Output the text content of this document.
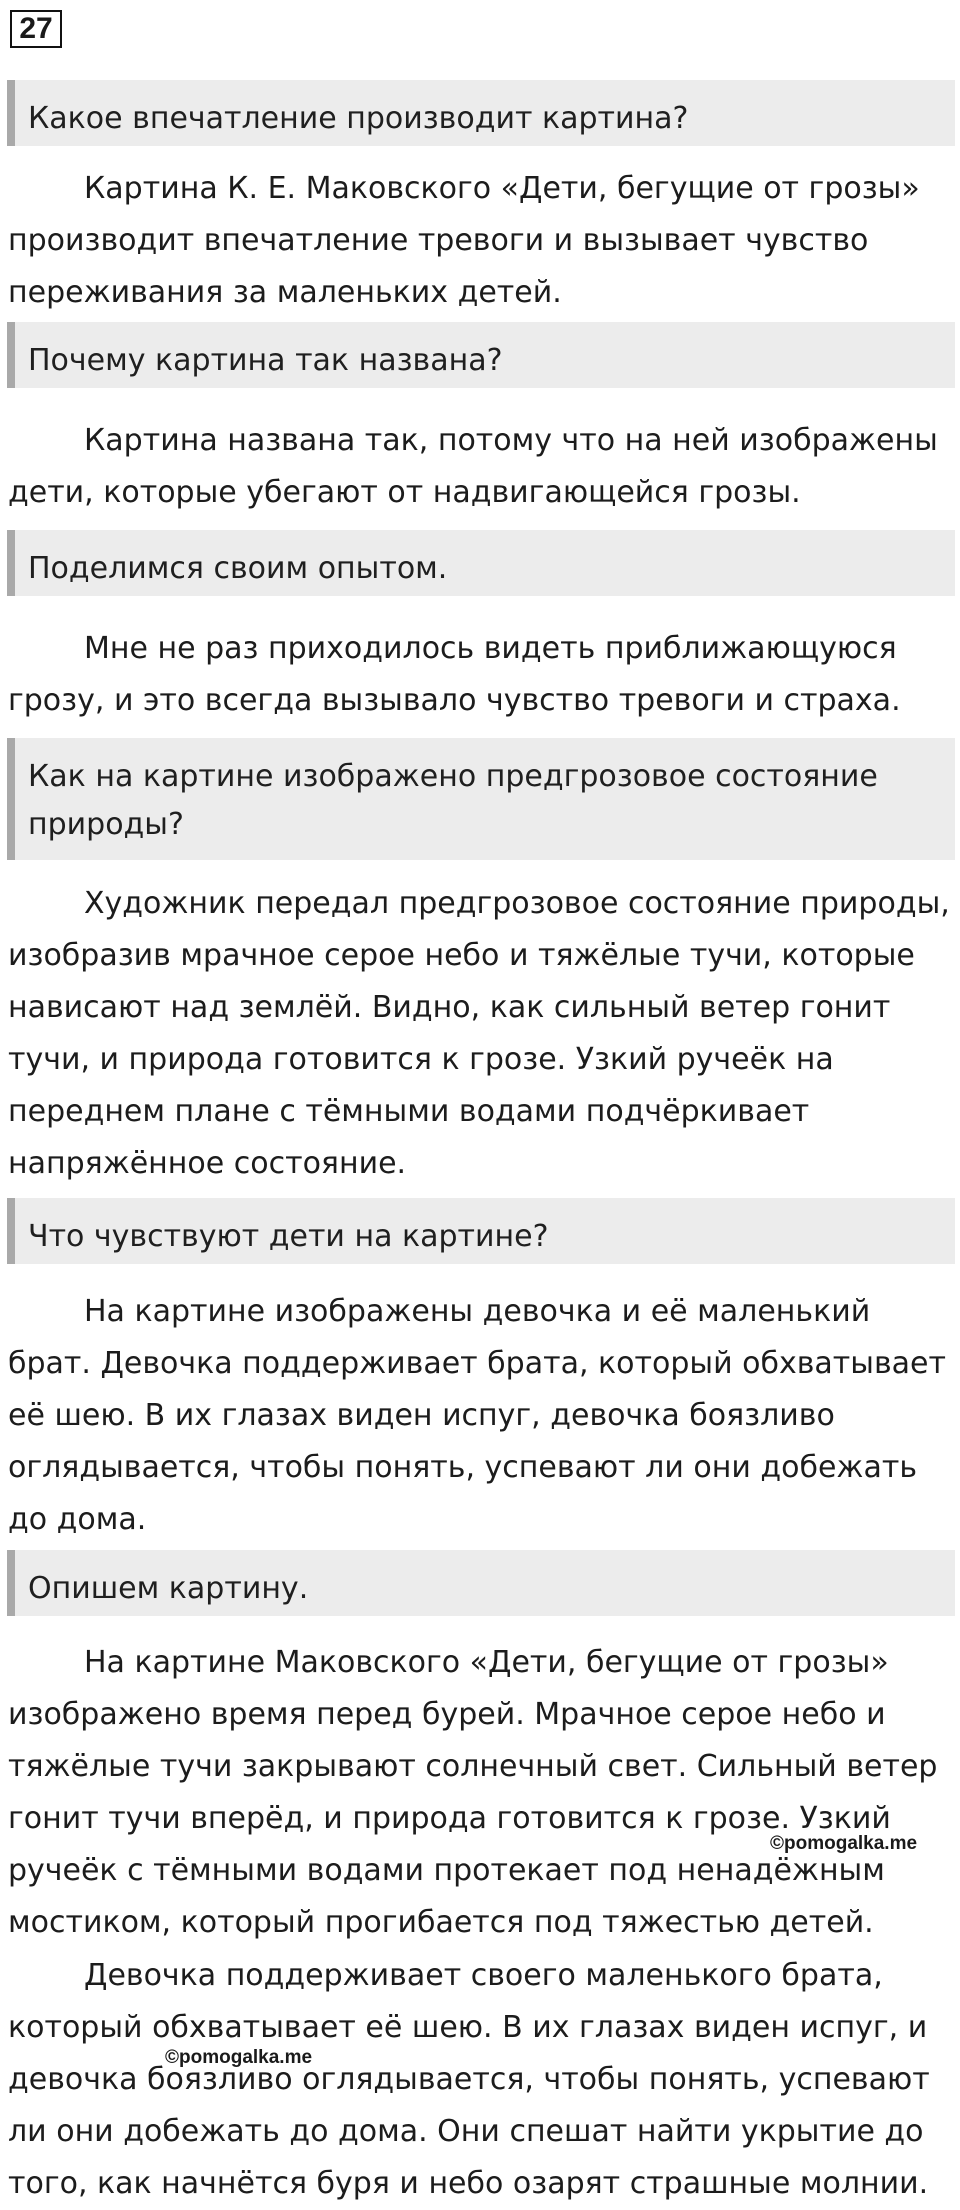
27
Какое впечатление производит картина?
Картина К. Е. Маковского «Дети, бегущие от грозы» производит впечатление тревоги и вызывает чувство переживания за маленьких детей.
Почему картина так названа?
Картина названа так, потому что на ней изображены дети, которые убегают от надвигающейся грозы.
Поделимся своим опытом.
Мне не раз приходилось видеть приближающуюся грозу, и это всегда вызывало чувство тревоги и страха.
Как на картине изображено предгрозовое состояние природы?
Художник передал предгрозовое состояние природы, изобразив мрачное серое небо и тяжёлые тучи, которые нависают над землёй. Видно, как сильный ветер гонит тучи, и природа готовится к грозе. Узкий ручеёк на переднем плане с тёмными водами подчёркивает напряжённое состояние.
Что чувствуют дети на картине?
На картине изображены девочка и её маленький брат. Девочка поддерживает брата, который обхватывает её шею. В их глазах виден испуг, девочка боязливо оглядывается, чтобы понять, успевают ли они добежать до дома.
Опишем картину.
На картине Маковского «Дети, бегущие от грозы» изображено время перед бурей. Мрачное серое небо и тяжёлые тучи закрывают солнечный свет. Сильный ветер гонит тучи вперёд, и природа готовится к грозе. Узкий ручеёк с тёмными водами протекает под ненадёжным мостиком, который прогибается под тяжестью детей.
Девочка поддерживает своего маленького брата, который обхватывает её шею. В их глазах виден испуг, и девочка боязливо оглядывается, чтобы понять, успевают ли они добежать до дома. Они спешат найти укрытие до того, как начнётся буря и небо озарят страшные молнии.
©pomogalka.me
©pomogalka.me
